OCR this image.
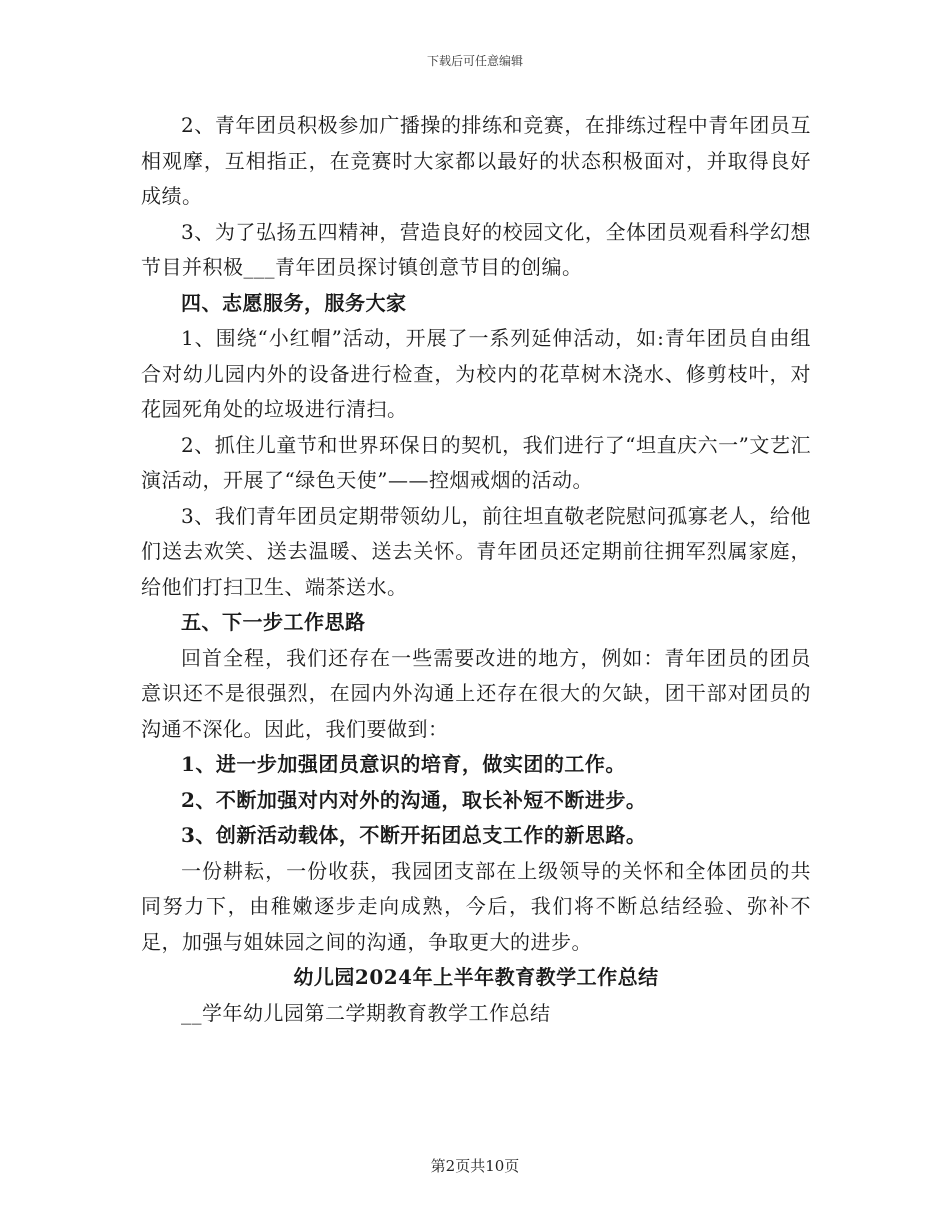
下载后可任意编辑

2、青年团员积极参加广播操的排练和竞赛，在排练过程中青年团员互相观摩，互相指正，在竞赛时大家都以最好的状态积极面对，并取得良好成绩。

3、为了弘扬五四精神，营造良好的校园文化，全体团员观看科学幻想节目并积极___青年团员探讨镇创意节目的创编。

四、志愿服务，服务大家

1、围绕“小红帽”活动，开展了一系列延伸活动，如:青年团员自由组合对幼儿园内外的设备进行检查，为校内的花草树木浇水、修剪枝叶，对花园死角处的垃圾进行清扫。

2、抓住儿童节和世界环保日的契机，我们进行了“坦直庆六一”文艺汇演活动，开展了“绿色天使”——控烟戒烟的活动。

3、我们青年团员定期带领幼儿，前往坦直敬老院慰问孤寡老人，给他们送去欢笑、送去温暖、送去关怀。青年团员还定期前往拥军烈属家庭，给他们打扫卫生、端茶送水。

五、下一步工作思路

回首全程，我们还存在一些需要改进的地方，例如：青年团员的团员意识还不是很强烈，在园内外沟通上还存在很大的欠缺，团干部对团员的沟通不深化。因此，我们要做到：

1、进一步加强团员意识的培育，做实团的工作。

2、不断加强对内对外的沟通，取长补短不断进步。

3、创新活动载体，不断开拓团总支工作的新思路。

一份耕耘，一份收获，我园团支部在上级领导的关怀和全体团员的共同努力下，由稚嫩逐步走向成熟，今后，我们将不断总结经验、弥补不足，加强与姐妹园之间的沟通，争取更大的进步。

幼儿园2024年上半年教育教学工作总结

__学年幼儿园第二学期教育教学工作总结

第2页共10页
